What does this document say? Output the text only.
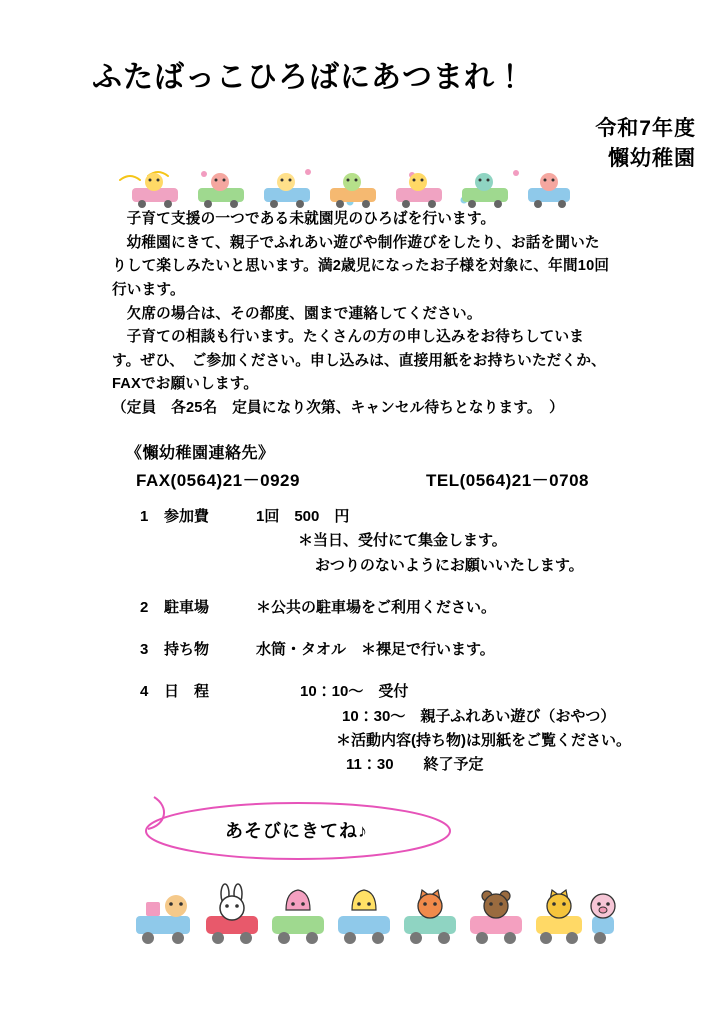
ふたばっこひろばにあつまれ！
令和7年度
懶幼稚園

子育て支援の一つである未就園児のひろばを行います。

幼稚園にきて、親子でふれあい遊びや制作遊びをしたり、お話を聞いたりして楽しみたいと思います。満2歳児になったお子様を対象に、年間10回行います。

欠席の場合は、その都度、園まで連絡してください。

子育ての相談も行います。たくさんの方の申し込みをお待ちしています。ぜひ、　ご参加ください。申し込みは、直接用紙をお持ちいただくか、FAXでお願いします。

（定員　各25名　定員になり次第、キャンセル待ちとなります。　）

《懶幼稚園連絡先》
FAX(0564)21－0929	TEL(0564)21－0708
1	参加費	1回　500　円
＊当日、受付にて集金します。
おつりのないようにお願いいたします。
2	駐車場	＊公共の駐車場をご利用ください。
3	持ち物	水筒・タオル　＊裸足で行います。
4	日　程	10：10～　受付
10：30～　親子ふれあい遊び（おやつ）
＊活動内容(持ち物)は別紙をご覧ください。
11：30　　終了予定
あそびにきてね♪
